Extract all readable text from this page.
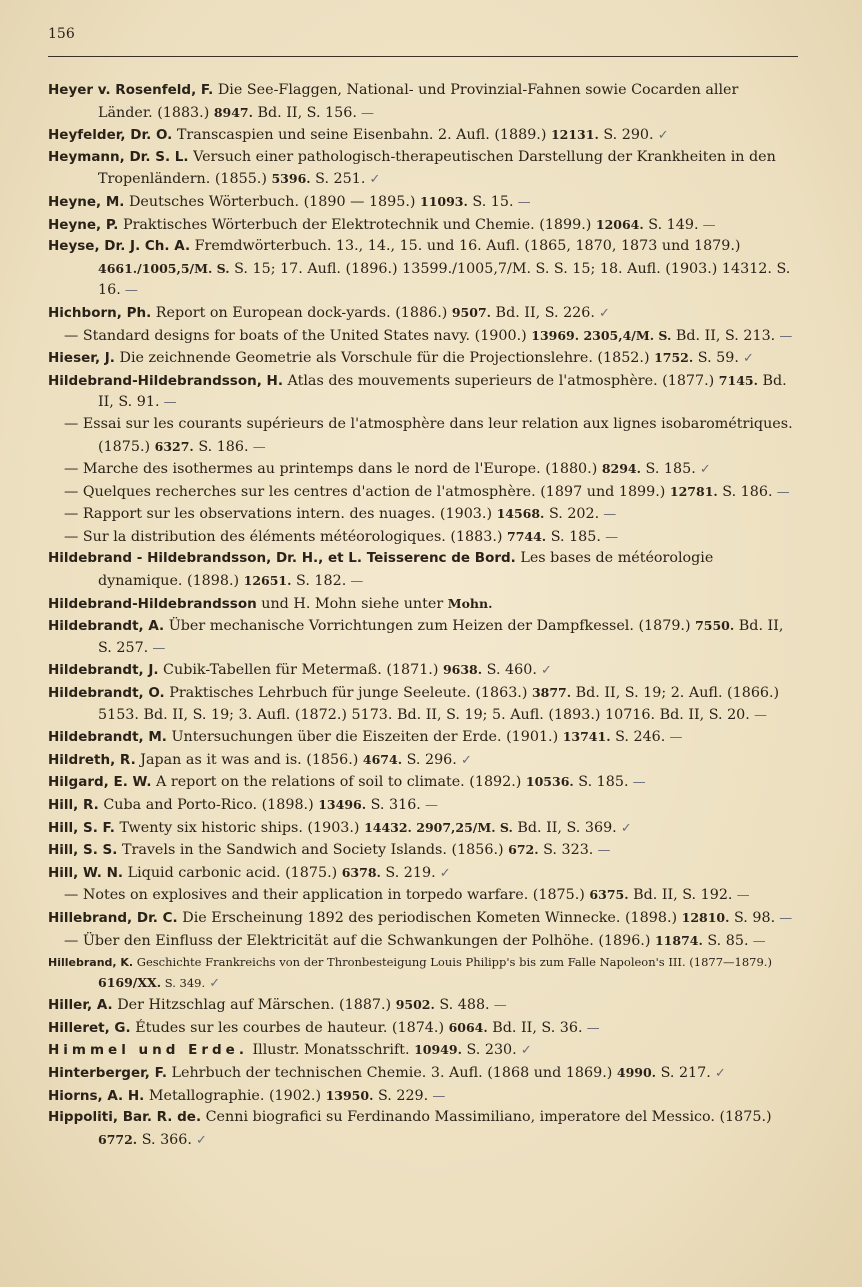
156

Heyer v. Rosenfeld, F. Die See-Flaggen, National- und Provinzial-Fahnen sowie Cocarden aller Länder. (1883.) 8947. Bd. II, S. 156. —

Heyfelder, Dr. O. Transcaspien und seine Eisenbahn. 2. Aufl. (1889.) 12131. S. 290. ✓

Heymann, Dr. S. L. Versuch einer pathologisch-therapeutischen Darstellung der Krankheiten in den Tropenländern. (1855.) 5396. S. 251. ✓

Heyne, M. Deutsches Wörterbuch. (1890 — 1895.) 11093. S. 15. —

Heyne, P. Praktisches Wörterbuch der Elektrotechnik und Chemie. (1899.) 12064. S. 149. —

Heyse, Dr. J. Ch. A. Fremdwörterbuch. 13., 14., 15. und 16. Aufl. (1865, 1870, 1873 und 1879.) 4661./1005,5/M. S. S. 15; 17. Aufl. (1896.) 13599./1005,7/M. S. S. 15; 18. Aufl. (1903.) 14312. S. 16. —

Hichborn, Ph. Report on European dock-yards. (1886.) 9507. Bd. II, S. 226. ✓

— Standard designs for boats of the United States navy. (1900.) 13969. 2305,4/M. S. Bd. II, S. 213. —

Hieser, J. Die zeichnende Geometrie als Vorschule für die Projectionslehre. (1852.) 1752. S. 59. ✓

Hildebrand-Hildebrandsson, H. Atlas des mouvements superieurs de l'atmosphère. (1877.) 7145. Bd. II, S. 91. —

— Essai sur les courants supérieurs de l'atmosphère dans leur relation aux lignes isobarométriques. (1875.) 6327. S. 186. —

— Marche des isothermes au printemps dans le nord de l'Europe. (1880.) 8294. S. 185. ✓

— Quelques recherches sur les centres d'action de l'atmosphère. (1897 und 1899.) 12781. S. 186. —

— Rapport sur les observations intern. des nuages. (1903.) 14568. S. 202. —

— Sur la distribution des éléments météorologiques. (1883.) 7744. S. 185. —

Hildebrand - Hildebrandsson, Dr. H., et L. Teisserenc de Bord. Les bases de météorologie dynamique. (1898.) 12651. S. 182. —

Hildebrand-Hildebrandsson und H. Mohn siehe unter Mohn.

Hildebrandt, A. Über mechanische Vorrichtungen zum Heizen der Dampfkessel. (1879.) 7550. Bd. II, S. 257. —

Hildebrandt, J. Cubik-Tabellen für Metermaß. (1871.) 9638. S. 460. ✓

Hildebrandt, O. Praktisches Lehrbuch für junge Seeleute. (1863.) 3877. Bd. II, S. 19; 2. Aufl. (1866.) 5153. Bd. II, S. 19; 3. Aufl. (1872.) 5173. Bd. II, S. 19; 5. Aufl. (1893.) 10716. Bd. II, S. 20. —

Hildebrandt, M. Untersuchungen über die Eiszeiten der Erde. (1901.) 13741. S. 246. —

Hildreth, R. Japan as it was and is. (1856.) 4674. S. 296. ✓

Hilgard, E. W. A report on the relations of soil to climate. (1892.) 10536. S. 185. —

Hill, R. Cuba and Porto-Rico. (1898.) 13496. S. 316. —

Hill, S. F. Twenty six historic ships. (1903.) 14432. 2907,25/M. S. Bd. II, S. 369. ✓

Hill, S. S. Travels in the Sandwich and Society Islands. (1856.) 672. S. 323. —

Hill, W. N. Liquid carbonic acid. (1875.) 6378. S. 219. ✓

— Notes on explosives and their application in torpedo warfare. (1875.) 6375. Bd. II, S. 192. —

Hillebrand, Dr. C. Die Erscheinung 1892 des periodischen Kometen Winnecke. (1898.) 12810. S. 98. —

— Über den Einfluss der Elektricität auf die Schwankungen der Polhöhe. (1896.) 11874. S. 85. —

Hillebrand, K. Geschichte Frankreichs von der Thronbesteigung Louis Philipp's bis zum Falle Napoleon's III. (1877—1879.) 6169/XX. S. 349. ✓

Hiller, A. Der Hitzschlag auf Märschen. (1887.) 9502. S. 488. —

Hilleret, G. Études sur les courbes de hauteur. (1874.) 6064. Bd. II, S. 36. —

Himmel und Erde. Illustr. Monatsschrift. 10949. S. 230. ✓

Hinterberger, F. Lehrbuch der technischen Chemie. 3. Aufl. (1868 und 1869.) 4990. S. 217. ✓

Hiorns, A. H. Metallographie. (1902.) 13950. S. 229. —

Hippoliti, Bar. R. de. Cenni biografici su Ferdinando Massimiliano, imperatore del Messico. (1875.) 6772. S. 366. ✓
